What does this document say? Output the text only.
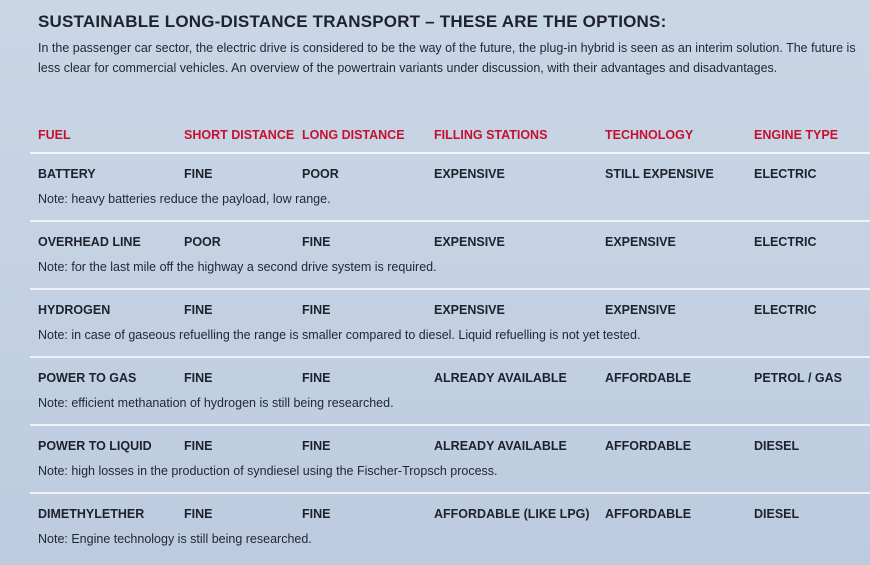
SUSTAINABLE LONG-DISTANCE TRANSPORT – THESE ARE THE OPTIONS:

In the passenger car sector, the electric drive is considered to be the way of the future, the plug-in hybrid is seen as an interim solution. The future is less clear for commercial vehicles. An overview of the powertrain variants under discussion, with their advantages and disadvantages.

FUEL	SHORT DISTANCE	LONG DISTANCE	FILLING STATIONS	TECHNOLOGY	ENGINE TYPE
BATTERY	FINE	POOR	EXPENSIVE	STILL EXPENSIVE	ELECTRIC
Note: heavy batteries reduce the payload, low range.					
OVERHEAD LINE	POOR	FINE	EXPENSIVE	EXPENSIVE	ELECTRIC
Note: for the last mile off the highway a second drive system is required.					
HYDROGEN	FINE	FINE	EXPENSIVE	EXPENSIVE	ELECTRIC
Note: in case of gaseous refuelling the range is smaller compared to diesel. Liquid refuelling is not yet tested.					
POWER TO GAS	FINE	FINE	ALREADY AVAILABLE	AFFORDABLE	PETROL / GAS
Note: efficient methanation of hydrogen is still being researched.					
POWER TO LIQUID	FINE	FINE	ALREADY AVAILABLE	AFFORDABLE	DIESEL
Note: high losses in the production of syndiesel using the Fischer-Tropsch process.					
DIMETHYLETHER	FINE	FINE	AFFORDABLE (LIKE LPG)	AFFORDABLE	DIESEL
Note: Engine technology is still being researched.					
